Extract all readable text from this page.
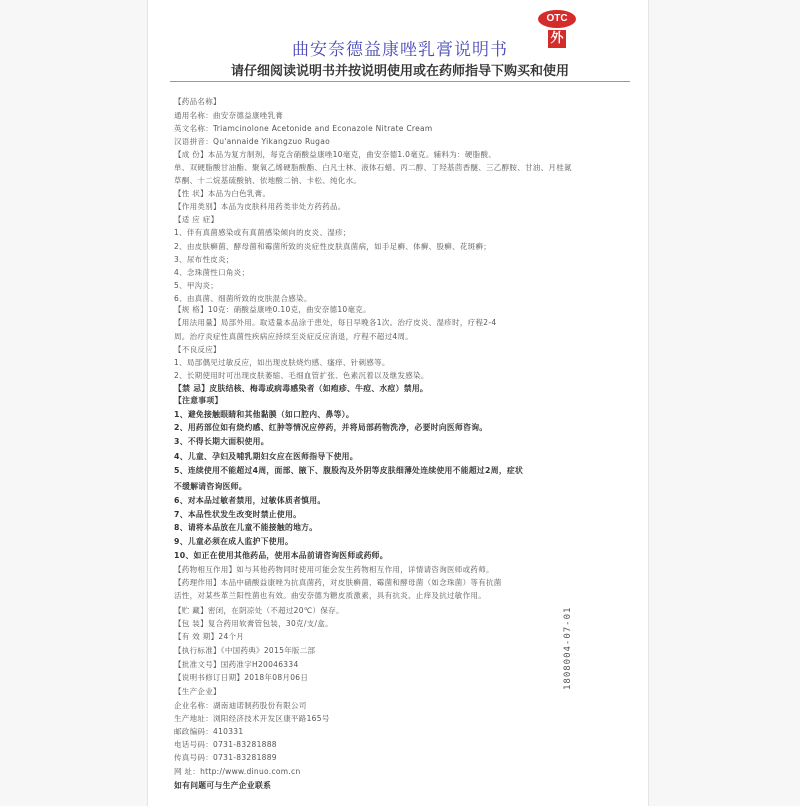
OTC
外
曲安奈德益康唑乳膏说明书
请仔细阅读说明书并按说明使用或在药师指导下购买和使用
【药品名称】
通用名称：曲安奈德益康唑乳膏
英文名称：Triamcinolone Acetonide and Econazole Nitrate Cream
汉语拼音：Qu'annaide Yikangzuo Rugao
【成 份】本品为复方制剂，每克含硝酸益康唑10毫克，曲安奈德1.0毫克。辅料为：硬脂酸、
单、双硬脂酸甘油酯、聚氧乙烯硬脂酸酯、白凡士林、液体石蜡、丙二醇、丁羟基茴香醚、三乙醇胺、甘油、月桂氮
草酮、十二烷基硫酸钠、依地酸二钠、卡松、纯化水。
【性 状】本品为白色乳膏。
【作用类别】本品为皮肤科用药类非处方药药品。
【适 应 症】
1、伴有真菌感染或有真菌感染倾向的皮炎、湿疹；
2、由皮肤癣菌、酵母菌和霉菌所致的炎症性皮肤真菌病，如手足癣、体癣、股癣、花斑癣；
3、尿布性皮炎；
4、念珠菌性口角炎；
5、甲沟炎；
6、由真菌、细菌所致的皮肤混合感染。
【规 格】10克：硝酸益康唑0.10克，曲安奈德10毫克。
【用法用量】局部外用。取适量本品涂于患处，每日早晚各1次。治疗皮炎、湿疹时，疗程2-4
周。治疗炎症性真菌性疾病应持续至炎症反应消退，疗程不超过4周。
【不良反应】
1、局部偶见过敏反应，如出现皮肤烧灼感、瘙痒、针刺感等。
2、长期使用时可出现皮肤萎缩、毛细血管扩张、色素沉着以及继发感染。
【禁 忌】皮肤结核、梅毒或病毒感染者（如疱疹、牛痘、水痘）禁用。
【注意事项】
1、避免接触眼睛和其他黏膜（如口腔内、鼻等）。
2、用药部位如有烧灼感、红肿等情况应停药，并将局部药物洗净，必要时向医师咨询。
3、不得长期大面积使用。
4、儿童、孕妇及哺乳期妇女应在医师指导下使用。
5、连续使用不能超过4周，面部、腋下、腹股沟及外阴等皮肤细薄处连续使用不能超过2周，症状
不缓解请咨询医师。
6、对本品过敏者禁用，过敏体质者慎用。
7、本品性状发生改变时禁止使用。
8、请将本品放在儿童不能接触的地方。
9、儿童必须在成人监护下使用。
10、如正在使用其他药品，使用本品前请咨询医师或药师。
【药物相互作用】如与其他药物同时使用可能会发生药物相互作用，详情请咨询医师或药师。
【药理作用】本品中硝酸益康唑为抗真菌药，对皮肤癣菌、霉菌和酵母菌（如念珠菌）等有抗菌
活性，对某些革兰阳性菌也有效。曲安奈德为糖皮质激素，具有抗炎、止痒及抗过敏作用。
【贮 藏】密闭，在阴凉处（不超过20℃）保存。
【包 装】复合药用软膏管包装，30克/支/盒。
【有 效 期】24个月
【执行标准】《中国药典》2015年版二部
【批准文号】国药准字H20046334
【说明书修订日期】2018年08月06日
【生产企业】
企业名称：湖南迪诺制药股份有限公司
生产地址：浏阳经济技术开发区康平路165号
邮政编码：410331
电话号码：0731-83281888
传真号码：0731-83281889
网 址：http://www.dinuo.com.cn
如有问题可与生产企业联系
1808004-07-01
